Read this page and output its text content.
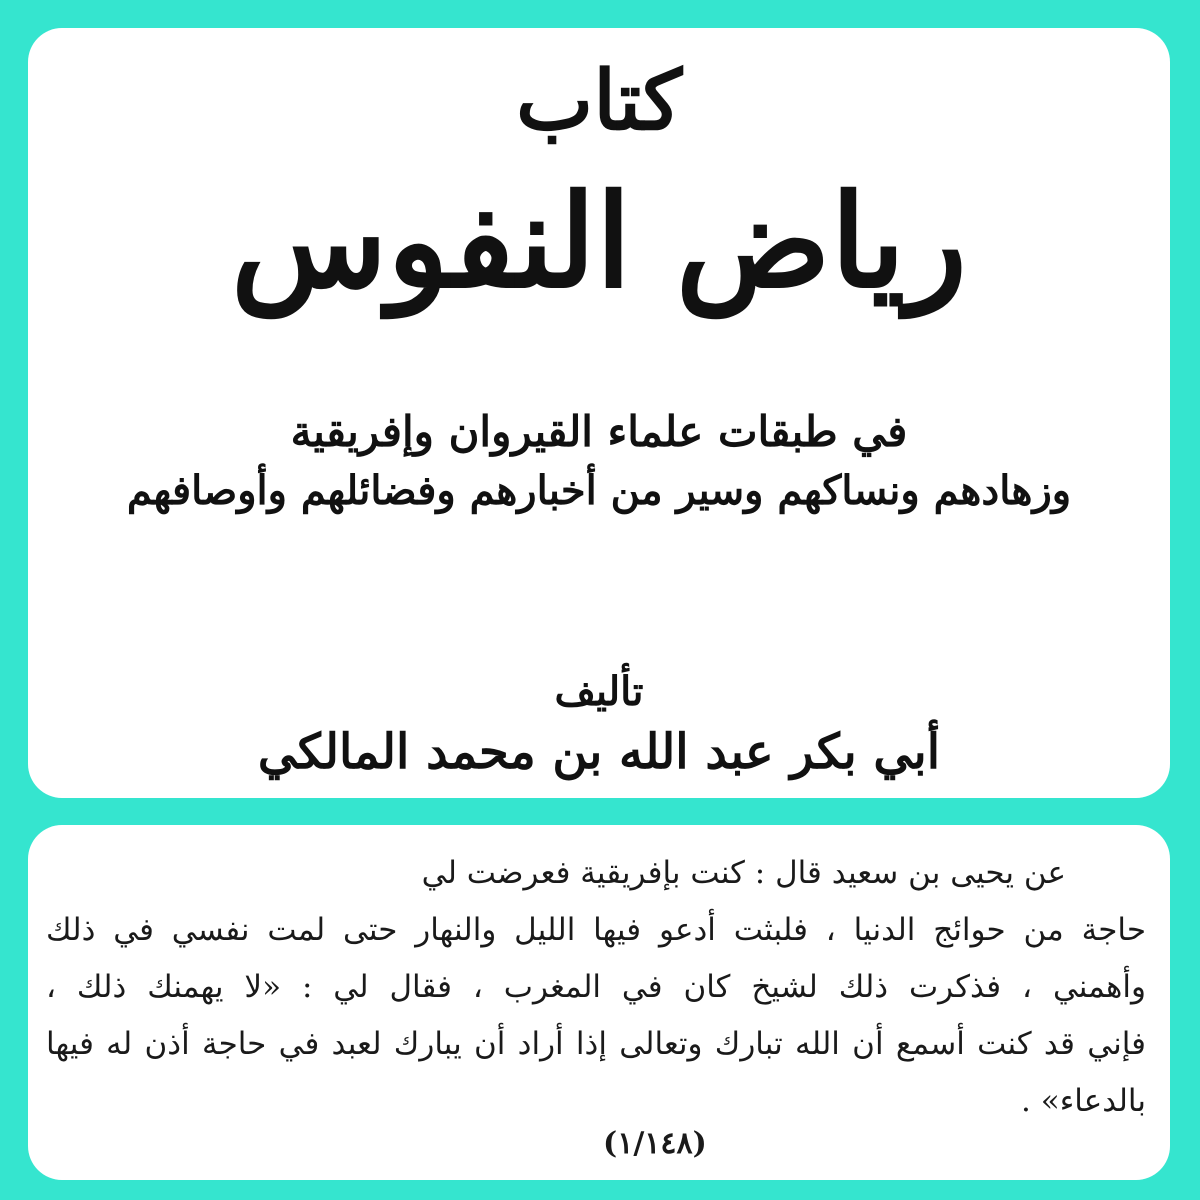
كتاب
رياض النفوس
في طبقات علماء القيروان وإفريقية
وزهادهم ونساكهم وسير من أخبارهم وفضائلهم وأوصافهم
تأليف
أبي بكر عبد الله بن محمد المالكي
عن يحيى بن سعيد قال : كنت بإفريقية فعرضت لي
حاجة من حوائج الدنيا ، فلبثت أدعو فيها الليل والنهار حتى لمت نفسي في ذلك
وأهمني ، فذكرت ذلك لشيخ كان في المغرب ، فقال لي : «لا يهمنك ذلك ،
فإني قد كنت أسمع أن الله تبارك وتعالى إذا أراد أن يبارك لعبد في حاجة أذن له فيها
بالدعاء» .
(١/١٤٨)
